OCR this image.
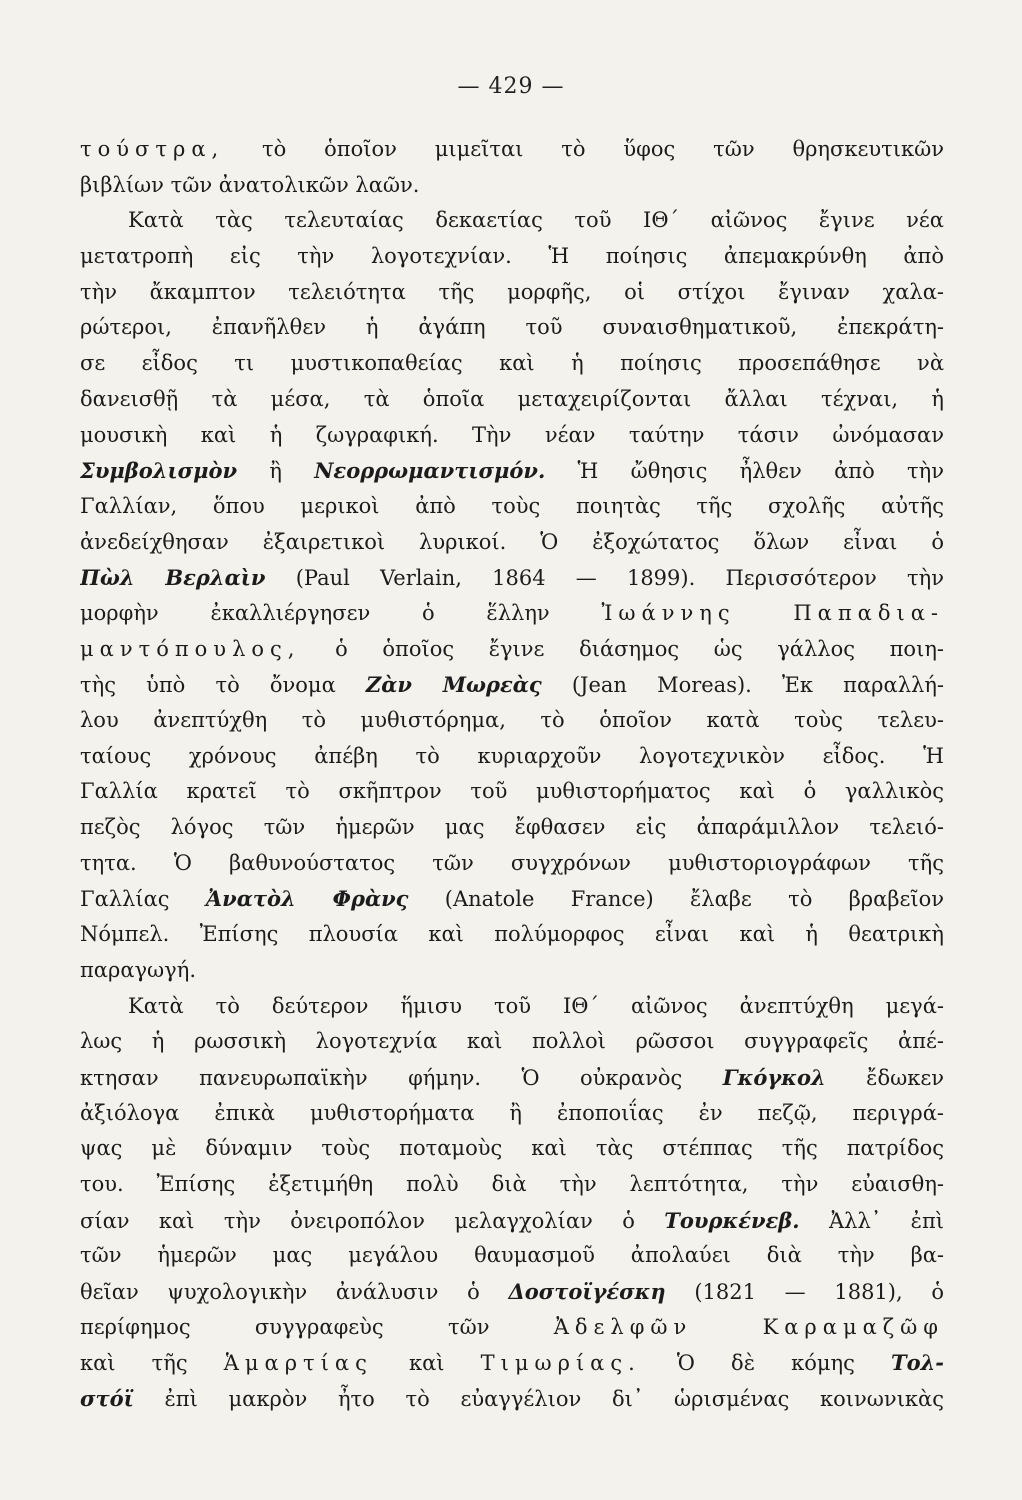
— 429 —
τούστρα, τὸ ὁποῖον μιμεῖται τὸ ὕφος τῶν θρησκευτικῶν
βιβλίων τῶν ἀνατολικῶν λαῶν.
Κατὰ τὰς τελευταίας δεκαετίας τοῦ ΙΘ΄ αἰῶνος ἔγινε νέα
μετατροπὴ εἰς τὴν λογοτεχνίαν. Ἡ ποίησις ἀπεμακρύνθη ἀπὸ
τὴν ἄκαμπτον τελειότητα τῆς μορφῆς, οἱ στίχοι ἔγιναν χαλα-
ρώτεροι, ἐπανῆλθεν ἡ ἀγάπη τοῦ συναισθηματικοῦ, ἐπεκράτη-
σε εἶδος τι μυστικοπαθείας καὶ ἡ ποίησις προσεπάθησε νὰ
δανεισθῇ τὰ μέσα, τὰ ὁποῖα μεταχειρίζονται ἄλλαι τέχναι, ἡ
μουσικὴ καὶ ἡ ζωγραφική. Τὴν νέαν ταύτην τάσιν ὠνόμασαν
Συμβολισμὸν ἢ Νεορρωμαντισμόν. Ἡ ὤθησις ἦλθεν ἀπὸ τὴν
Γαλλίαν, ὅπου μερικοὶ ἀπὸ τοὺς ποιητὰς τῆς σχολῆς αὐτῆς
ἀνεδείχθησαν ἐξαιρετικοὶ λυρικοί. Ὁ ἐξοχώτατος ὅλων εἶναι ὁ
Πὼλ Βερλαὶν (Paul Verlain, 1864 — 1899). Περισσότερον τὴν
μορφὴν ἐκαλλιέργησεν ὁ ἕλλην Ἰωάννης Παπαδια-
μαντόπουλος, ὁ ὁποῖος ἔγινε διάσημος ὡς γάλλος ποιη-
τὴς ὑπὸ τὸ ὄνομα Ζὰν Μωρεὰς (Jean Moreas). Ἐκ παραλλή-
λου ἀνεπτύχθη τὸ μυθιστόρημα, τὸ ὁποῖον κατὰ τοὺς τελευ-
ταίους χρόνους ἀπέβη τὸ κυριαρχοῦν λογοτεχνικὸν εἶδος. Ἡ
Γαλλία κρατεῖ τὸ σκῆπτρον τοῦ μυθιστορήματος καὶ ὁ γαλλικὸς
πεζὸς λόγος τῶν ἡμερῶν μας ἔφθασεν εἰς ἀπαράμιλλον τελειό-
τητα. Ὁ βαθυνούστατος τῶν συγχρόνων μυθιστοριογράφων τῆς
Γαλλίας Ἀνατὸλ Φρὰνς (Anatole France) ἔλαβε τὸ βραβεῖον
Νόμπελ. Ἐπίσης πλουσία καὶ πολύμορφος εἶναι καὶ ἡ θεατρικὴ
παραγωγή.
Κατὰ τὸ δεύτερον ἥμισυ τοῦ ΙΘ΄ αἰῶνος ἀνεπτύχθη μεγά-
λως ἡ ρωσσικὴ λογοτεχνία καὶ πολλοὶ ρῶσσοι συγγραφεῖς ἀπέ-
κτησαν πανευρωπαϊκὴν φήμην. Ὁ οὐκρανὸς Γκόγκολ ἔδωκεν
ἀξιόλογα ἐπικὰ μυθιστορήματα ἢ ἐποποιΐας ἐν πεζῷ, περιγρά-
ψας μὲ δύναμιν τοὺς ποταμοὺς καὶ τὰς στέππας τῆς πατρίδος
του. Ἐπίσης ἐξετιμήθη πολὺ διὰ τὴν λεπτότητα, τὴν εὐαισθη-
σίαν καὶ τὴν ὀνειροπόλον μελαγχολίαν ὁ Τουρκένεβ. Ἀλλ᾽ ἐπὶ
τῶν ἡμερῶν μας μεγάλου θαυμασμοῦ ἀπολαύει διὰ τὴν βα-
θεῖαν ψυχολογικὴν ἀνάλυσιν ὁ Δοστοϊγέσκη (1821 — 1881), ὁ
περίφημος συγγραφεὺς τῶν Ἀδελφῶν Καραμαζῶφ
καὶ τῆς Ἁμαρτίας καὶ Τιμωρίας. Ὁ δὲ κόμης Τολ-
στόϊ ἐπὶ μακρὸν ἦτο τὸ εὐαγγέλιον δι᾽ ὡρισμένας κοινωνικὰς
